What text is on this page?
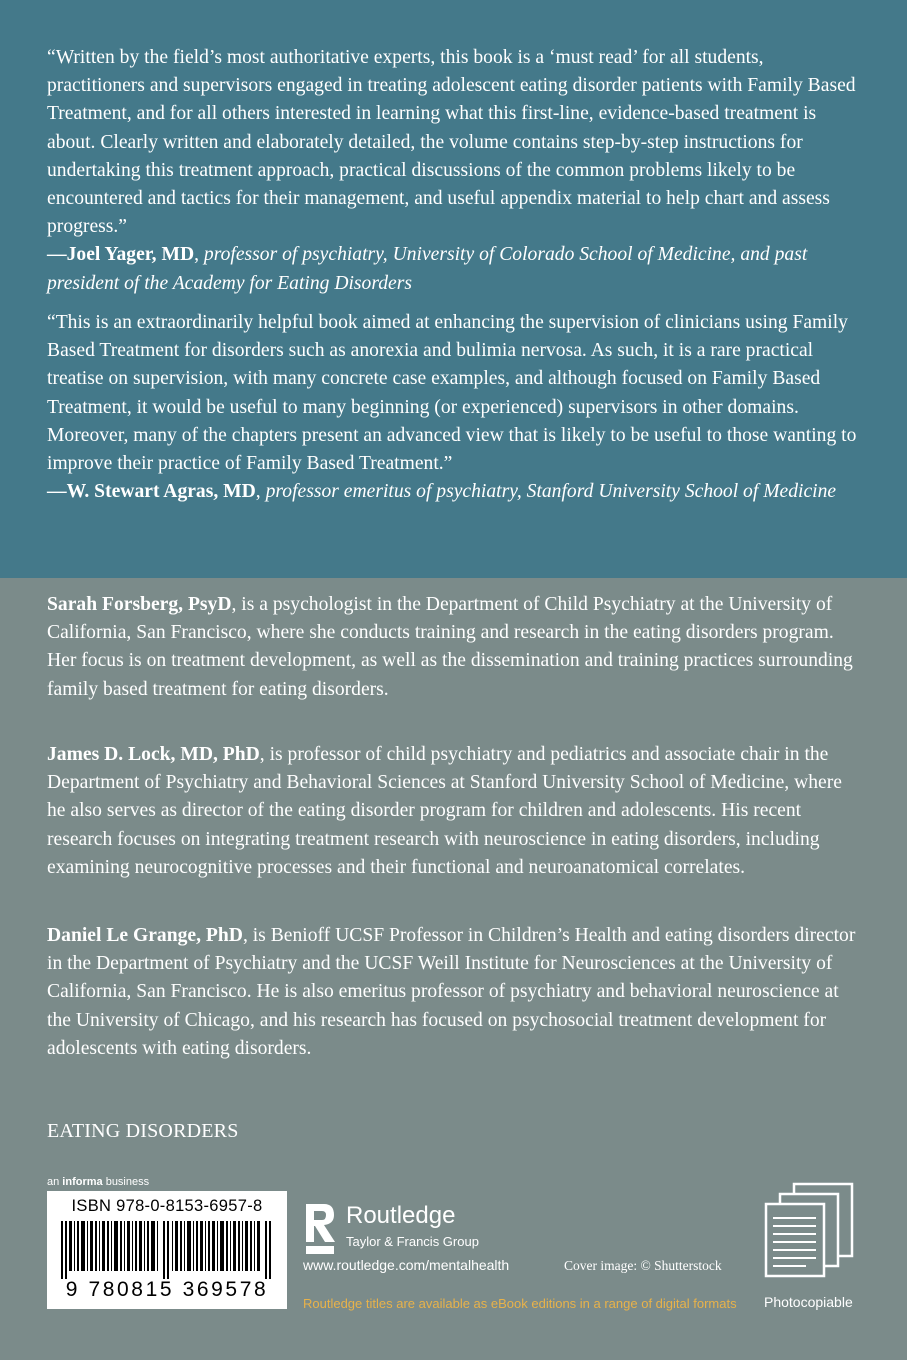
“Written by the field’s most authoritative experts, this book is a ‘must read’ for all students, practitioners and supervisors engaged in treating adolescent eating disorder patients with Family Based Treatment, and for all others interested in learning what this first-line, evidence-based treatment is about. Clearly written and elaborately detailed, the volume contains step-by-step instructions for undertaking this treatment approach, practical discussions of the common problems likely to be encountered and tactics for their management, and useful appendix material to help chart and assess progress.”
—Joel Yager, MD, professor of psychiatry, University of Colorado School of Medicine, and past president of the Academy for Eating Disorders

“This is an extraordinarily helpful book aimed at enhancing the supervision of clinicians using Family Based Treatment for disorders such as anorexia and bulimia nervosa. As such, it is a rare practical treatise on supervision, with many concrete case examples, and although focused on Family Based Treatment, it would be useful to many beginning (or experienced) supervisors in other domains. Moreover, many of the chapters present an advanced view that is likely to be useful to those wanting to improve their practice of Family Based Treatment.”
—W. Stewart Agras, MD, professor emeritus of psychiatry, Stanford University School of Medicine

Sarah Forsberg, PsyD, is a psychologist in the Department of Child Psychiatry at the University of California, San Francisco, where she conducts training and research in the eating disorders program. Her focus is on treatment development, as well as the dissemination and training practices surrounding family based treatment for eating disorders.

James D. Lock, MD, PhD, is professor of child psychiatry and pediatrics and associate chair in the Department of Psychiatry and Behavioral Sciences at Stanford University School of Medicine, where he also serves as director of the eating disorder program for children and adolescents. His recent research focuses on integrating treatment research with neuroscience in eating disorders, including examining neurocognitive processes and their functional and neuroanatomical correlates.

Daniel Le Grange, PhD, is Benioff UCSF Professor in Children’s Health and eating disorders director in the Department of Psychiatry and the UCSF Weill Institute for Neurosciences at the University of California, San Francisco. He is also emeritus professor of psychiatry and behavioral neuroscience at the University of Chicago, and his research has focused on psychosocial treatment development for adolescents with eating disorders.

EATING DISORDERS
an informa business
ISBN 978-0-8153-6957-8
9 780815 369578
Routledge
Taylor & Francis Group
www.routledge.com/mentalhealth	Cover image: © Shutterstock
Routledge titles are available as eBook editions in a range of digital formats Photocopiable
